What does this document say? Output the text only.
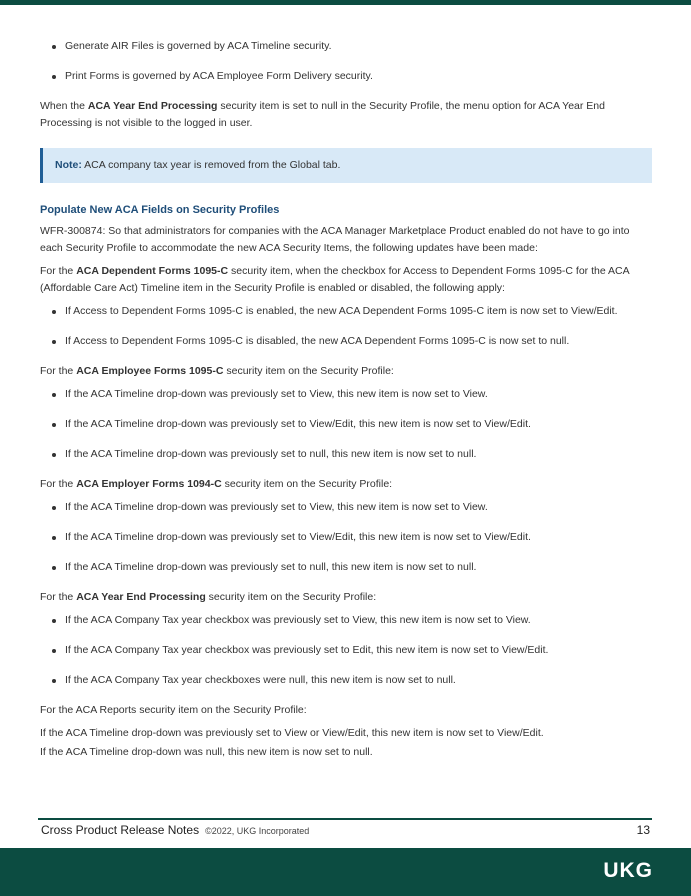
Generate AIR Files is governed by ACA Timeline security.
Print Forms is governed by ACA Employee Form Delivery security.

When the ACA Year End Processing security item is set to null in the Security Profile, the menu option for ACA Year End Processing is not visible to the logged in user.

Note: ACA company tax year is removed from the Global tab.
Populate New ACA Fields on Security Profiles

WFR-300874: So that administrators for companies with the ACA Manager Marketplace Product enabled do not have to go into each Security Profile to accommodate the new ACA Security Items, the following updates have been made:

For the ACA Dependent Forms 1095-C security item, when the checkbox for Access to Dependent Forms 1095-C for the ACA (Affordable Care Act) Timeline item in the Security Profile is enabled or disabled, the following apply:

If Access to Dependent Forms 1095-C is enabled, the new ACA Dependent Forms 1095-C item is now set to View/Edit.
If Access to Dependent Forms 1095-C is disabled, the new ACA Dependent Forms 1095-C is now set to null.

For the ACA Employee Forms 1095-C security item on the Security Profile:

If the ACA Timeline drop-down was previously set to View, this new item is now set to View.
If the ACA Timeline drop-down was previously set to View/Edit, this new item is now set to View/Edit.
If the ACA Timeline drop-down was previously set to null, this new item is now set to null.

For the ACA Employer Forms 1094-C security item on the Security Profile:

If the ACA Timeline drop-down was previously set to View, this new item is now set to View.
If the ACA Timeline drop-down was previously set to View/Edit, this new item is now set to View/Edit.
If the ACA Timeline drop-down was previously set to null, this new item is now set to null.

For the ACA Year End Processing security item on the Security Profile:

If the ACA Company Tax year checkbox was previously set to View, this new item is now set to View.
If the ACA Company Tax year checkbox was previously set to Edit, this new item is now set to View/Edit.
If the ACA Company Tax year checkboxes were null, this new item is now set to null.

For the ACA Reports security item on the Security Profile:

If the ACA Timeline drop-down was previously set to View or View/Edit, this new item is now set to View/Edit.

If the ACA Timeline drop-down was null, this new item is now set to null.

Cross Product Release Notes ©2022, UKG Incorporated	13
UKG
